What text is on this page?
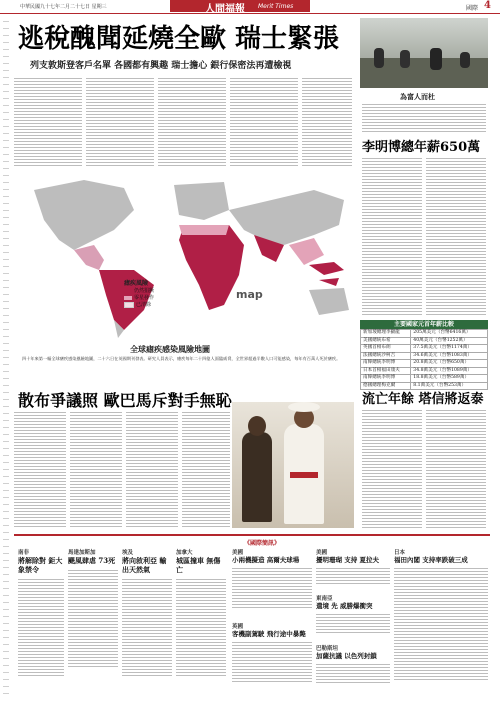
中華民國九十七年二月二十七日 星期三	人間福報 Merit Times	國際 4
逃稅醜聞延燒全歐 瑞士緊張
列支敦斯登客戶名單 各國都有興趣 瑞士擔心 銀行保密法再遭檢視
瘧疾風險
仍然猖獗
零星發作
已清除
map
全球瘧疾感染風險地圖
四十年來第一幅全球瘧疾感染風險地圖，二十六日在英國期刊發表。研究人員表示，瘧疾每年二十四億人面臨威脅，全世界超過半數人口可能感染，每年有百萬人死於瘧疾。
散布爭議照 歐巴馬斥對手無恥
為富人而杜
李明博總年薪650萬
主要國家元首年薪比較
新加坡總理李顯龍	205萬美元（台幣6416萬）
美國總統布希	40萬美元（台幣1252萬）
英國首相布朗	37.5萬美元（台幣1174萬）
法國總統沙柯吉	34.6萬美元（台幣1083萬）
南韓總統李明博	20.8萬美元（台幣650萬）
日本首相福田康夫	34.8萬美元（台幣1089萬）
南韓總統李明博	18.8萬美元（台幣589萬）
德國總理梅克爾	8.1萬美元（台幣253萬）
流亡年餘 塔信將返泰
《國際簡訊》
南非
將解除對 鉅大象禁令
馬達加斯加
颶風肆虐 73死
埃及
將向敘利亞 輸出天然氣
加拿大
城區撞車 無傷亡
美國
小兩機擬造 高爾夫球場
英國
客機副駕駛 飛行途中暴斃
美國
擾明珊瑚 支持 夏拉夫
東南亞
遣境 先 威勝爆衝突
巴勒斯坦
加薩抗議 以色列封鎖
日本
福田內閣 支持率跌破三成
